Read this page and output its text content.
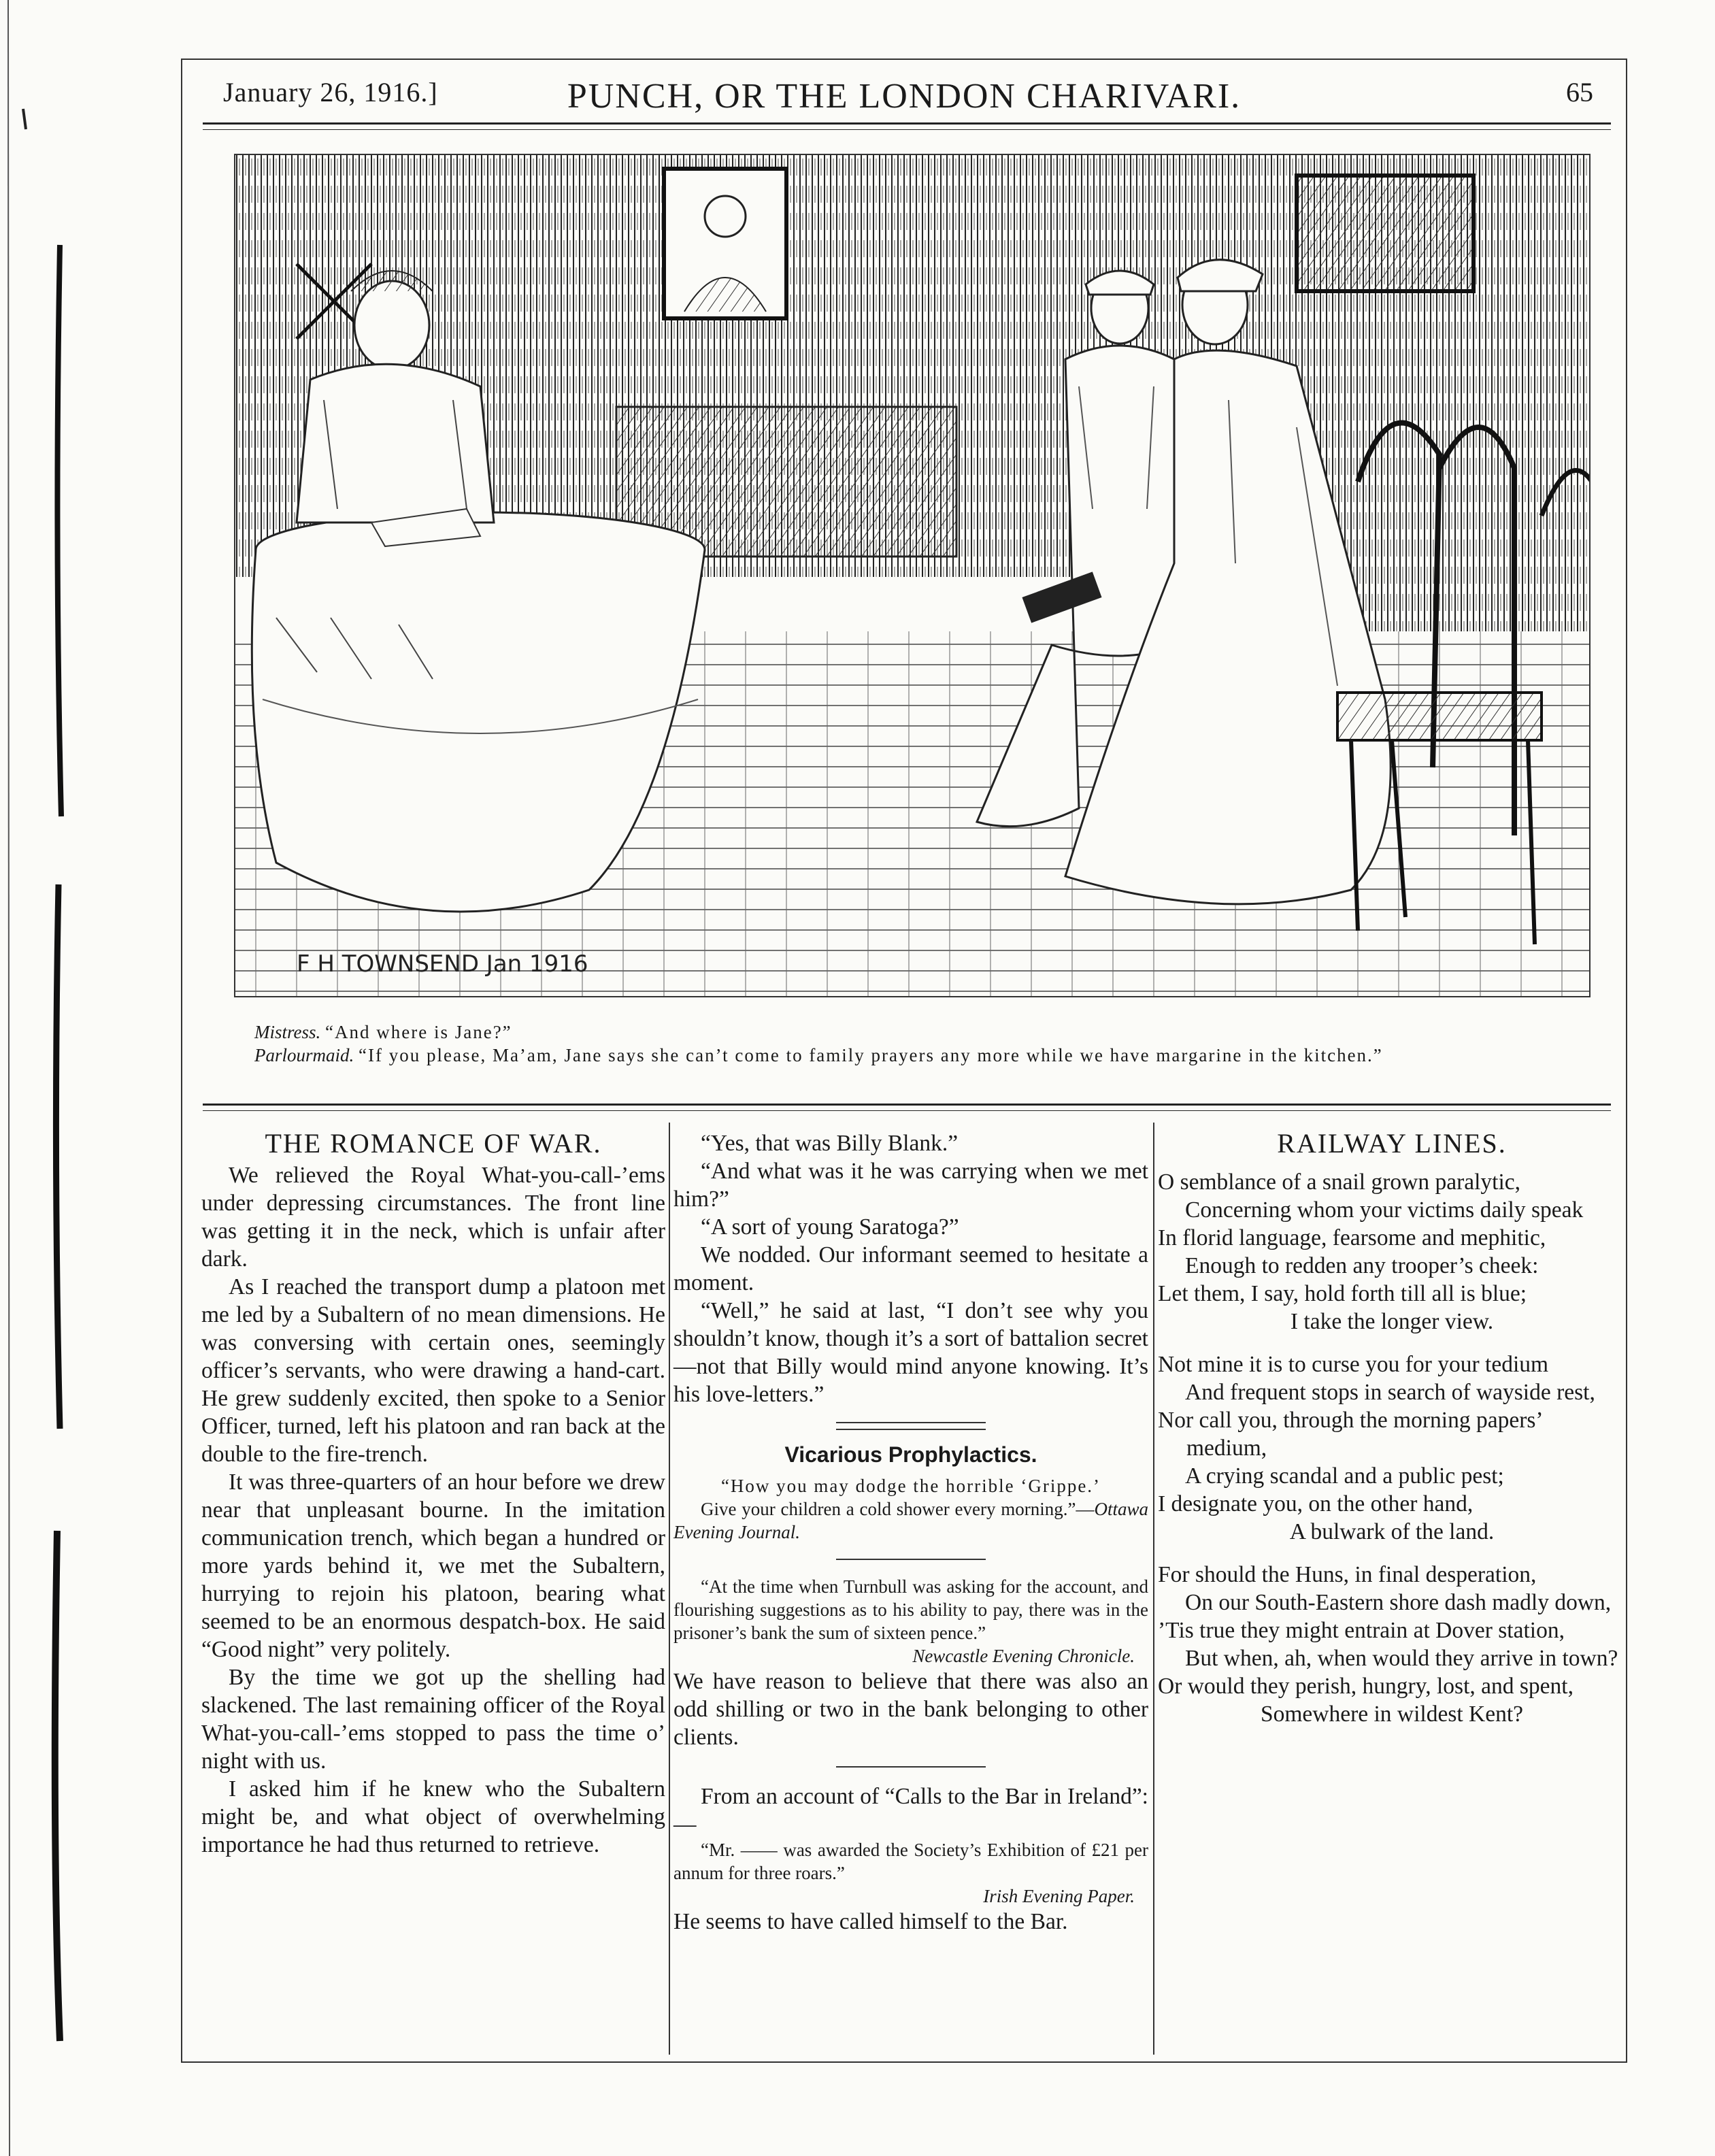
PUNCH, OR THE LONDON CHARIVARI.
January 26, 1916.]	65
F H TOWNSEND Jan 1916

Mistress. “And where is Jane?”

Parlourmaid. “If you please, Ma’am, Jane says she can’t come to family prayers any more while we have margarine in the kitchen.”

THE ROMANCE OF WAR.

We relieved the Royal What-you-call-’ems under depressing circumstances. The front line was getting it in the neck, which is unfair after dark.

As I reached the transport dump a platoon met me led by a Subaltern of no mean dimensions. He was conversing with certain ones, seemingly officer’s servants, who were drawing a hand-cart. He grew suddenly excited, then spoke to a Senior Officer, turned, left his platoon and ran back at the double to the fire-trench.

It was three-quarters of an hour before we drew near that unpleasant bourne. In the imitation communication trench, which began a hundred or more yards behind it, we met the Subaltern, hurrying to rejoin his platoon, bearing what seemed to be an enormous despatch-box. He said “Good night” very politely.

By the time we got up the shelling had slackened. The last remaining officer of the Royal What-you-call-’ems stopped to pass the time o’ night with us.

I asked him if he knew who the Subaltern might be, and what object of overwhelming importance he had thus returned to retrieve.

“Yes, that was Billy Blank.”

“And what was it he was carrying when we met him?”

“A sort of young Saratoga?”

We nodded. Our informant seemed to hesitate a moment.

“Well,” he said at last, “I don’t see why you shouldn’t know, though it’s a sort of battalion secret—not that Billy would mind anyone knowing. It’s his love-letters.”

Vicarious Prophylactics.

“How you may dodge the horrible ‘Grippe.’

Give your children a cold shower every morning.”—Ottawa Evening Journal.

“At the time when Turnbull was asking for the account, and flourishing suggestions as to his ability to pay, there was in the prisoner’s bank the sum of sixteen pence.”

Newcastle Evening Chronicle.

We have reason to believe that there was also an odd shilling or two in the bank belonging to other clients.

From an account of “Calls to the Bar in Ireland”:—

“Mr. —— was awarded the Society’s Exhibition of £21 per annum for three roars.”

Irish Evening Paper.

He seems to have called himself to the Bar.

RAILWAY LINES.

O semblance of a snail grown paralytic,

Concerning whom your victims daily speak

In florid language, fearsome and mephitic,

Enough to redden any trooper’s cheek:

Let them, I say, hold forth till all is blue;

I take the longer view.

Not mine it is to curse you for your tedium

And frequent stops in search of wayside rest,

Nor call you, through the morning papers’ medium,

A crying scandal and a public pest;

I designate you, on the other hand,

A bulwark of the land.

For should the Huns, in final desperation,

On our South-Eastern shore dash madly down,

’Tis true they might entrain at Dover station,

But when, ah, when would they arrive in town?

Or would they perish, hungry, lost, and spent,

Somewhere in wildest Kent?
